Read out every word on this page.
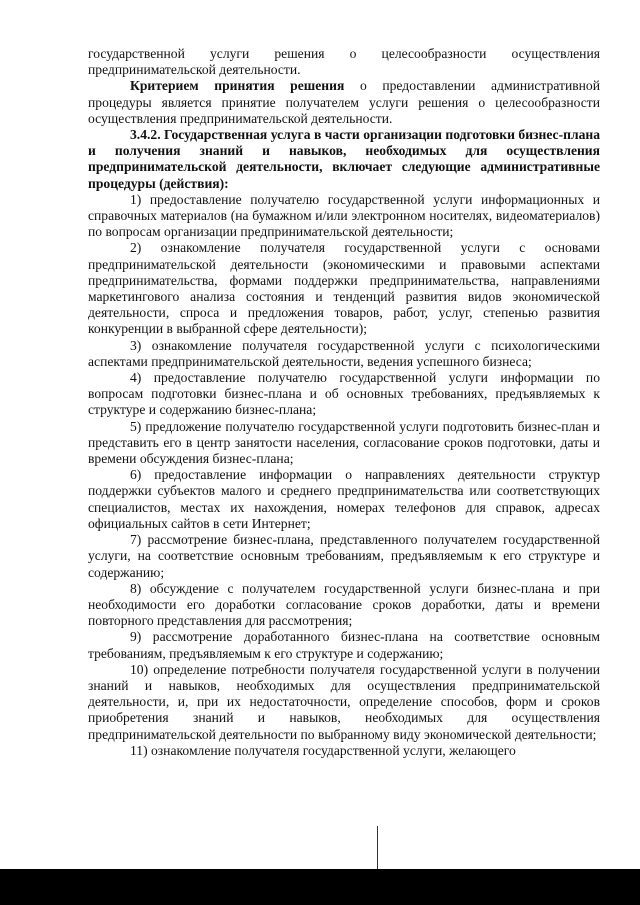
государственной услуги решения о целесообразности осуществления предпринимательской деятельности.

Критерием принятия решения о предоставлении административной процедуры является принятие получателем услуги решения о целесообразности осуществления предпринимательской деятельности.

3.4.2. Государственная услуга в части организации подготовки бизнес-плана и получения знаний и навыков, необходимых для осуществления предпринимательской деятельности, включает следующие административные процедуры (действия):

1) предоставление получателю государственной услуги информационных и справочных материалов (на бумажном и/или электронном носителях, видеоматериалов) по вопросам организации предпринимательской деятельности;

2) ознакомление получателя государственной услуги с основами предпринимательской деятельности (экономическими и правовыми аспектами предпринимательства, формами поддержки предпринимательства, направлениями маркетингового анализа состояния и тенденций развития видов экономической деятельности, спроса и предложения товаров, работ, услуг, степенью развития конкуренции в выбранной сфере деятельности);

3) ознакомление получателя государственной услуги с психологическими аспектами предпринимательской деятельности, ведения успешного бизнеса;

4) предоставление получателю государственной услуги информации по вопросам подготовки бизнес-плана и об основных требованиях, предъявляемых к структуре и содержанию бизнес-плана;

5) предложение получателю государственной услуги подготовить бизнес-план и представить его в центр занятости населения, согласование сроков подготовки, даты и времени обсуждения бизнес-плана;

6) предоставление информации о направлениях деятельности структур поддержки субъектов малого и среднего предпринимательства или соответствующих специалистов, местах их нахождения, номерах телефонов для справок, адресах официальных сайтов в сети Интернет;

7) рассмотрение бизнес-плана, представленного получателем государственной услуги, на соответствие основным требованиям, предъявляемым к его структуре и содержанию;

8) обсуждение с получателем государственной услуги бизнес-плана и при необходимости его доработки согласование сроков доработки, даты и времени повторного представления для рассмотрения;

9) рассмотрение доработанного бизнес-плана на соответствие основным требованиям, предъявляемым к его структуре и содержанию;

10) определение потребности получателя государственной услуги в получении знаний и навыков, необходимых для осуществления предпринимательской деятельности, и, при их недостаточности, определение способов, форм и сроков приобретения знаний и навыков, необходимых для осуществления предпринимательской деятельности по выбранному виду экономической деятельности;

11) ознакомление получателя государственной услуги, желающего
